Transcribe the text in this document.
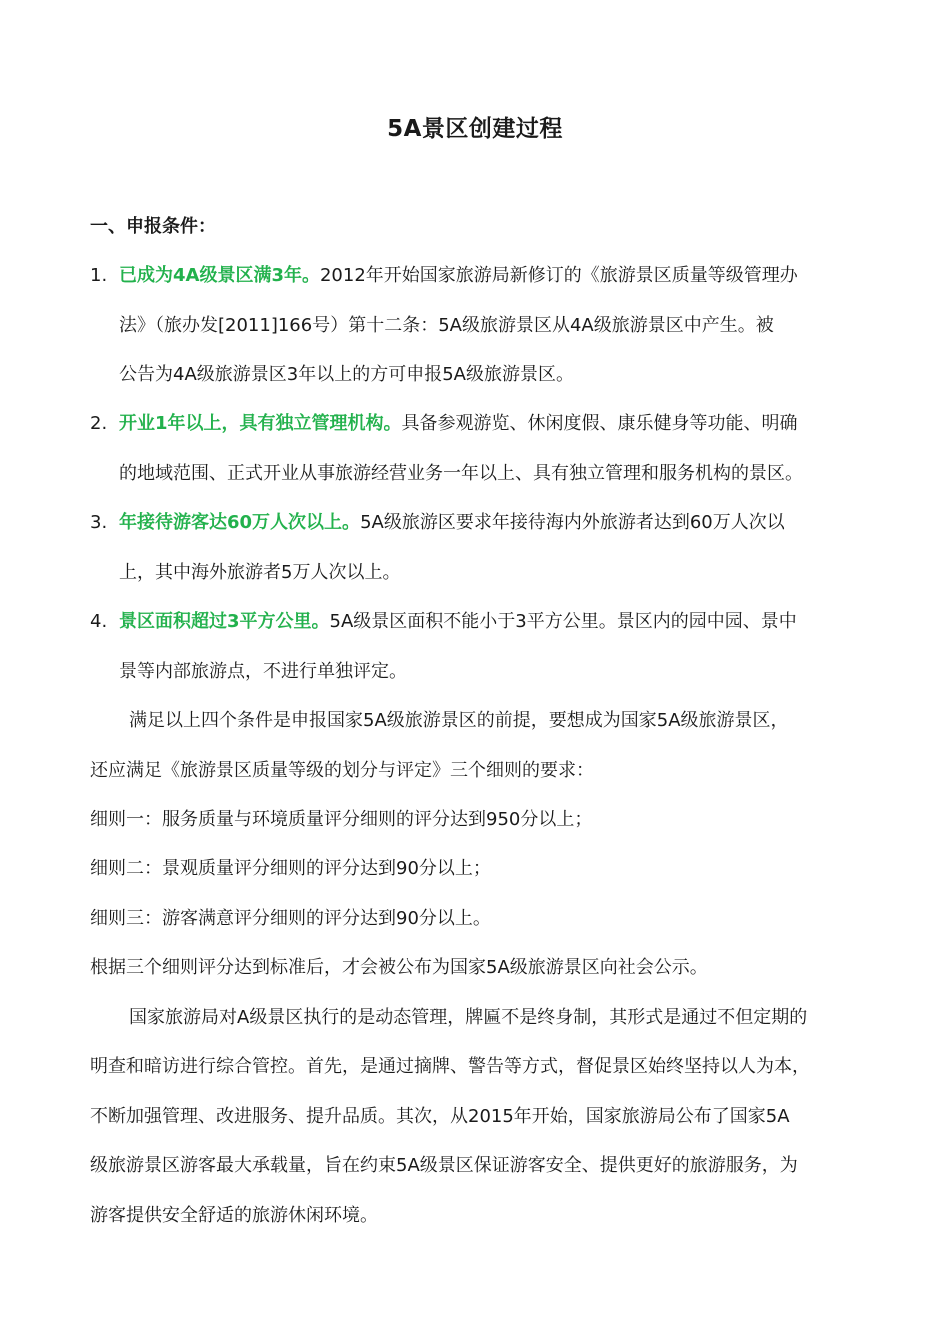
5A景区创建过程
一、申报条件：
1. 已成为4A级景区满3年。2012年开始国家旅游局新修订的《旅游景区质量等级管理办
法》（旅办发[2011]166号）第十二条：5A级旅游景区从4A级旅游景区中产生。被
公告为4A级旅游景区3年以上的方可申报5A级旅游景区。
2. 开业1年以上，具有独立管理机构。具备参观游览、休闲度假、康乐健身等功能、明确
的地域范围、正式开业从事旅游经营业务一年以上、具有独立管理和服务机构的景区。
3. 年接待游客达60万人次以上。5A级旅游区要求年接待海内外旅游者达到60万人次以
上，其中海外旅游者5万人次以上。
4. 景区面积超过3平方公里。5A级景区面积不能小于3平方公里。景区内的园中园、景中
景等内部旅游点，不进行单独评定。
满足以上四个条件是申报国家5A级旅游景区的前提，要想成为国家5A级旅游景区，
还应满足《旅游景区质量等级的划分与评定》三个细则的要求：
细则一：服务质量与环境质量评分细则的评分达到950分以上；
细则二：景观质量评分细则的评分达到90分以上；
细则三：游客满意评分细则的评分达到90分以上。
根据三个细则评分达到标准后，才会被公布为国家5A级旅游景区向社会公示。
国家旅游局对A级景区执行的是动态管理，牌匾不是终身制，其形式是通过不但定期的
明查和暗访进行综合管控。首先，是通过摘牌、警告等方式，督促景区始终坚持以人为本，
不断加强管理、改进服务、提升品质。其次，从2015年开始，国家旅游局公布了国家5A
级旅游景区游客最大承载量，旨在约束5A级景区保证游客安全、提供更好的旅游服务，为
游客提供安全舒适的旅游休闲环境。
